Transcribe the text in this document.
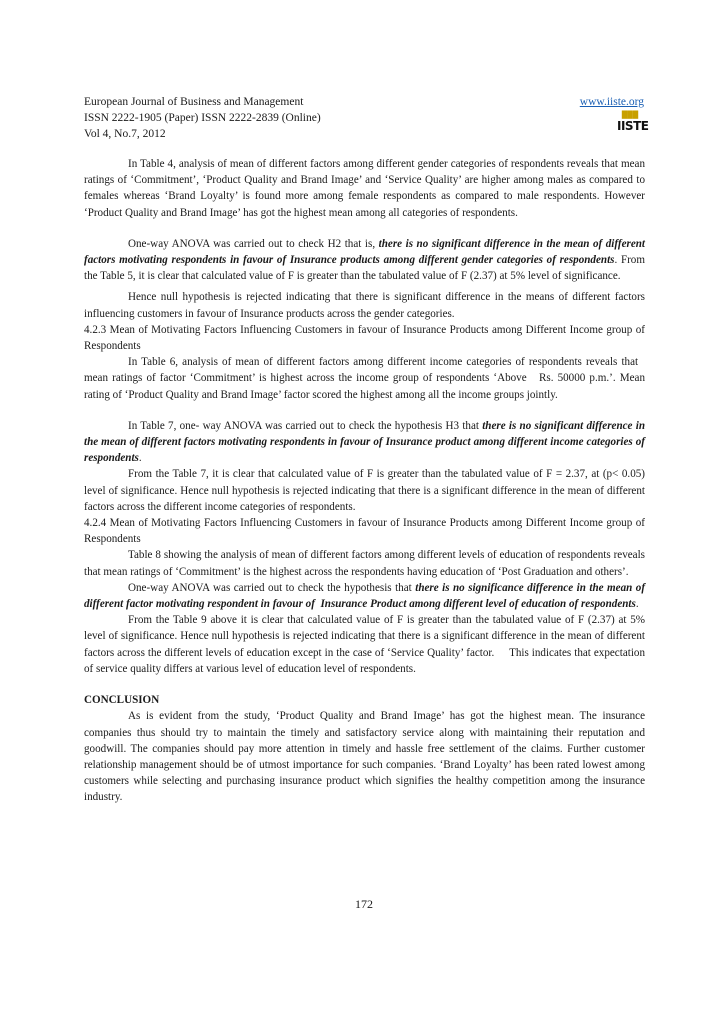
European Journal of Business and Management	www.iiste.org
ISSN 2222-1905 (Paper) ISSN 2222-2839 (Online)
Vol 4, No.7, 2012
███
IISTE

In Table 4, analysis of mean of different factors among different gender categories of respondents reveals that mean ratings of ‘Commitment’, ‘Product Quality and Brand Image’ and ‘Service Quality’ are higher among males as compared to females whereas ‘Brand Loyalty’ is found more among female respondents as compared to male respondents. However ‘Product Quality and Brand Image’ has got the highest mean among all categories of respondents.

One-way ANOVA was carried out to check H2 that is, there is no significant difference in the mean of different factors motivating respondents in favour of Insurance products among different gender categories of respondents. From the Table 5, it is clear that calculated value of F is greater than the tabulated value of F (2.37) at 5% level of significance.

Hence null hypothesis is rejected indicating that there is significant difference in the means of different factors influencing customers in favour of Insurance products across the gender categories.

4.2.3 Mean of Motivating Factors Influencing Customers in favour of Insurance Products among Different Income group of Respondents

In Table 6, analysis of mean of different factors among different income categories of respondents reveals that   mean ratings of factor ‘Commitment’ is highest across the income group of respondents ‘Above   Rs. 50000 p.m.’. Mean rating of ‘Product Quality and Brand Image’ factor scored the highest among all the income groups jointly.

In Table 7, one- way ANOVA was carried out to check the hypothesis H3 that there is no significant difference in the mean of different factors motivating respondents in favour of Insurance product among different income categories of respondents.

From the Table 7, it is clear that calculated value of F is greater than the tabulated value of F = 2.37, at (p< 0.05) level of significance. Hence null hypothesis is rejected indicating that there is a significant difference in the mean of different factors across the different income categories of respondents.

4.2.4 Mean of Motivating Factors Influencing Customers in favour of Insurance Products among Different Income group of Respondents

Table 8 showing the analysis of mean of different factors among different levels of education of respondents reveals that mean ratings of ‘Commitment’ is the highest across the respondents having education of ‘Post Graduation and others’.

One-way ANOVA was carried out to check the hypothesis that there is no significance difference in the mean of different factor motivating respondent in favour of  Insurance Product among different level of education of respondents.

From the Table 9 above it is clear that calculated value of F is greater than the tabulated value of F (2.37) at 5% level of significance. Hence null hypothesis is rejected indicating that there is a significant difference in the mean of different factors across the different levels of education except in the case of ‘Service Quality’ factor.     This indicates that expectation of service quality differs at various level of education level of respondents.

CONCLUSION

As is evident from the study, ‘Product Quality and Brand Image’ has got the highest mean. The insurance companies thus should try to maintain the timely and satisfactory service along with maintaining their reputation and goodwill. The companies should pay more attention in timely and hassle free settlement of the claims. Further customer relationship management should be of utmost importance for such companies. ‘Brand Loyalty’ has been rated lowest among customers while selecting and purchasing insurance product which signifies the healthy competition among the insurance industry.

172
